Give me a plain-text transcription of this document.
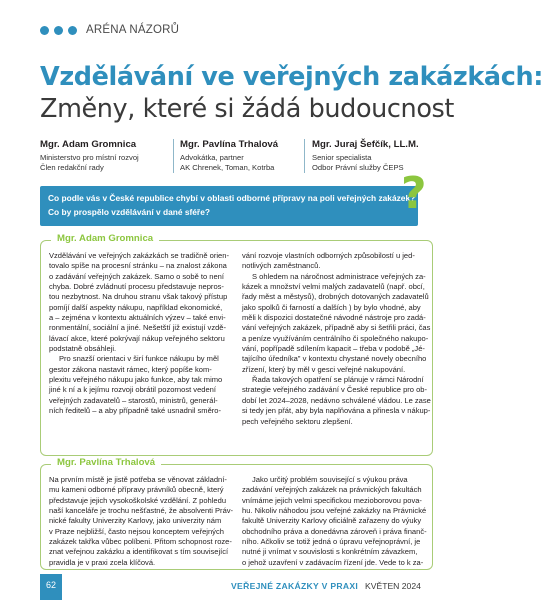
ARÉNA NÁZORŮ
Vzdělávání ve veřejných zakázkách:
Změny, které si žádá budoucnost
Mgr. Adam Gromnica
Ministerstvo pro místní rozvoj
Člen redakční rady
Mgr. Pavlína Trhalová
Advokátka, partner
AK Chrenek, Toman, Kotrba
Mgr. Juraj Šefčík, LL.M.
Senior specialista
Odbor Právní služby ČEPS

Co podle vás v České republice chybí v oblasti odborné přípravy na poli veřejných zakázek?

Co by prospělo vzdělávání v dané sféře?	?
Mgr. Adam Gromnica
Vzdělávání ve veřejných zakázkách se tradičně orien-
tovalo spíše na procesní stránku – na znalost zákona
o zadávání veřejných zakázek. Samo o sobě to není
chyba. Dobré zvládnutí procesu představuje nepros-
tou nezbytnost. Na druhou stranu však takový přístup
pomíjí další aspekty nákupu, například ekonomické,
a – zejména v kontextu aktuálních výzev – také envi-
ronmentální, sociální a jiné. Nešetští již existují vzdě-
lávací akce, které pokrývají nákup veřejného sektoru
podstatně obsáhleji.
Pro snazší orientaci v širí funkce nákupu by měl
gestor zákona nastavit rámec, který popíše kom-
plexitu veřejného nákupu jako funkce, aby tak mimo
jiné k ní a k jejímu rozvoji obrátil pozornost vedení
veřejných zadavatelů – starostů, ministrů, generál-
ních ředitelů – a aby případně také usnadnil směro-
vání rozvoje vlastních odborných způsobilostí u jed-
notlivých zaměstnanců.
S ohledem na náročnost administrace veřejných za-
kázek a množství velmi malých zadavatelů (např. obcí,
řady měst a městysů), drobných dotovaných zadavatelů
jako spolků či farností a dalších ) by bylo vhodné, aby
měli k dispozici dostatečné návodné nástroje pro zadá-
vání veřejných zakázek, případně aby si šetřili práci, čas
a peníze využíváním centrálního či společného nakupo-
vání, popřípadě sdílením kapacit – třeba v podobě „Jé-
tajícího úředníka" v kontextu chystané novely obecního
zřízení, který by měl v gesci veřejné nakupování.
Řada takových opatření se plánuje v rámci Národní
strategie veřejného zadávání v České republice pro ob-
dobí let 2024–2028, nedávno schválené vládou. Le zase
si tedy jen přát, aby byla naplňována a přinesla v nákup-
pech veřejného sektoru zlepšení.
Mgr. Pavlína Trhalová
Na prvním místě je jistě potřeba se věnovat základní-
mu kameni odborné přípravy právníků obecně, který
představuje jejich vysokoškolské vzdělání. Z pohledu
naší kanceláře je trochu nešťastné, že absolventi Práv-
nické fakulty Univerzity Karlovy, jako univerzity nám
v Praze nejbližší, často nejsou konceptem veřejných
zakázek takřka vůbec políbeni. Přitom schopnost roze-
znat veřejnou zakázku a identifikovat s tím související
pravidla je v praxi zcela klíčová.
Jako určitý problém související s výukou práva
zadávání veřejných zakázek na právnických fakultách
vnímáme jejich velmi specifickou mezioborovou pova-
hu. Nikoliv náhodou jsou veřejné zakázky na Právnické
fakultě Univerzity Karlovy oficiálně zařazeny do výuky
obchodního práva a donedávna zároveň i práva finanč-
ního. Ačkoliv se totiž jedná o úpravu veřejnoprávní, je
nutné ji vnímat v souvislosti s konkrétním závazkem,
o jehož uzavření v zadávacím řízení jde. Vede to k za-
62	VEŘEJNÉ ZAKÁZKY V PRAXI KVĚTEN 2024
